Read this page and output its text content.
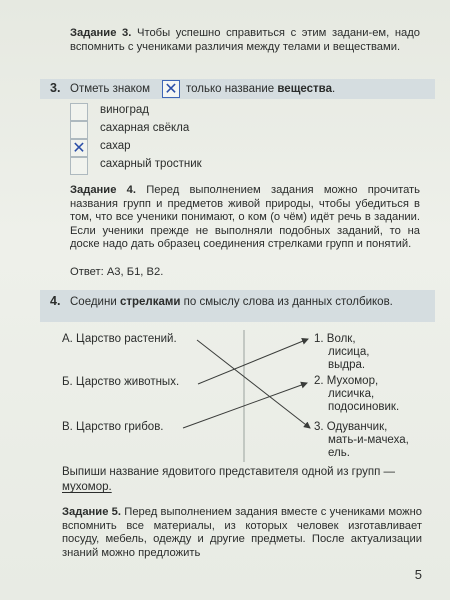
Задание 3. Чтобы успешно справиться с этим задани-ем, надо вспомнить с учениками различия между телами и веществами.
3. Отметь знаком ✕ только название вещества.
виноград
сахарная свёкла
✕ сахар
сахарный тростник
Задание 4. Перед выполнением задания можно прочитать названия групп и предметов живой природы, чтобы убедиться в том, что все ученики понимают, о ком (о чём) идёт речь в задании. Если ученики прежде не выполняли подобных заданий, то на доске надо дать образец соединения стрелками групп и понятий.
Ответ: А3, Б1, В2.
4. Соедини стрелками по смыслу слова из данных столбиков.
А. Царство растений.
Б. Царство животных.
В. Царство грибов.
1. Волк,
лисица,
выдра.
2. Мухомор,
лисичка,
подосиновик.
3. Одуванчик,
мать-и-мачеха,
ель.
Выпиши название ядовитого представителя одной из групп —
мухомор.
Задание 5. Перед выполнением задания вместе с учениками можно вспомнить все материалы, из которых человек изготавливает посуду, мебель, одежду и другие предметы. После актуализации знаний можно предложить
5
